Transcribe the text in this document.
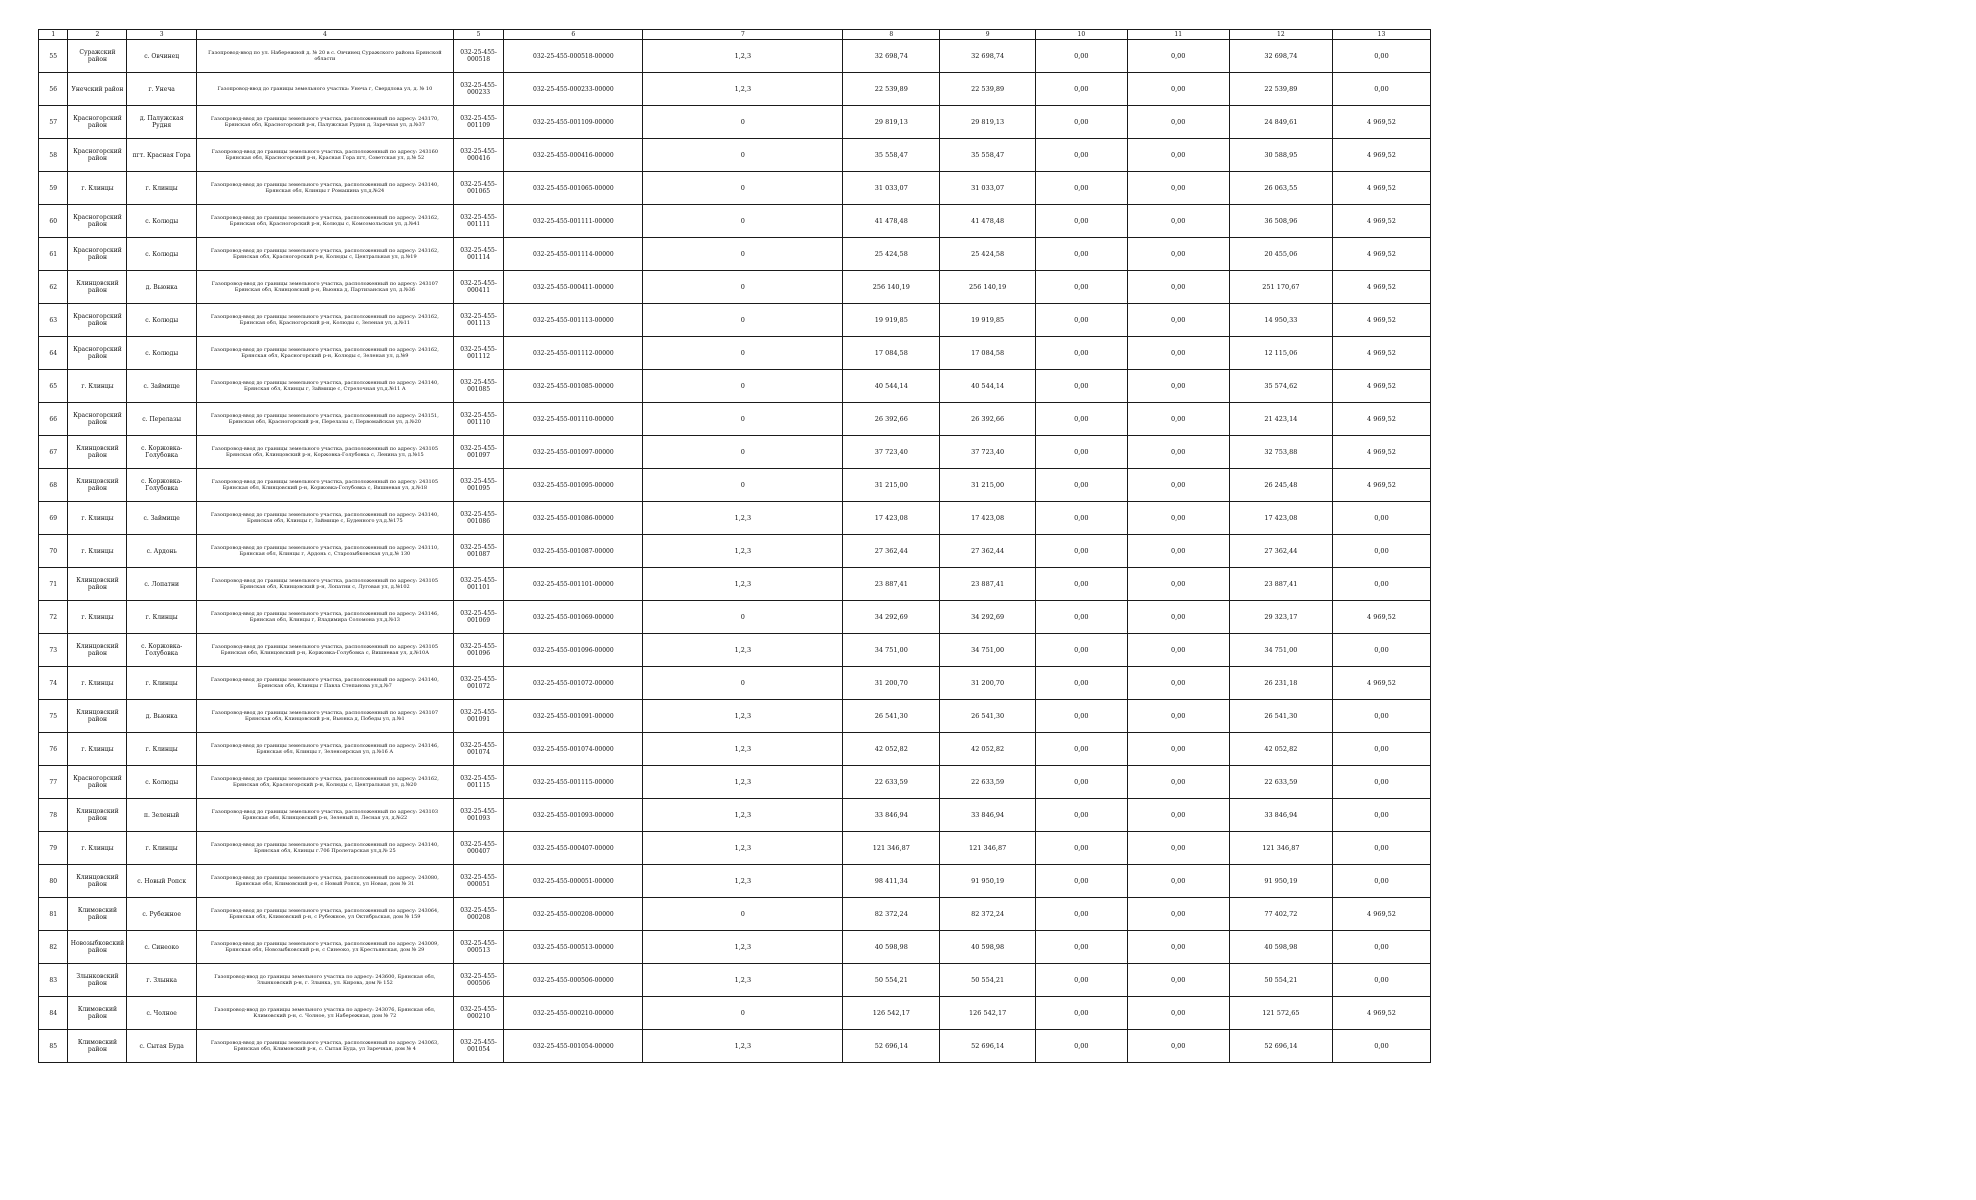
1	2	3	4	5	6	7	8	9	10	11	12	13
55	Суражский район	с. Овчинец	Газопровод-ввод по ул. Набережной д. № 20 в с. Овчинец Суражского района Брянской области	032-25-455-000518	032-25-455-000518-00000	1,2,3	32 698,74	32 698,74	0,00	0,00	32 698,74	0,00
56	Унечский район	г. Унеча	Газопровод-ввод до границы земельного участка: Унеча г, Свердлова ул, д. № 10	032-25-455-000233	032-25-455-000233-00000	1,2,3	22 539,89	22 539,89	0,00	0,00	22 539,89	0,00
57	Красногорский район	д. Палужская Рудня	Газопровод-ввод до границы земельного участка, расположенный по адресу: 243170, Брянская обл, Красногорский р-н, Палужская Рудня д, Заречная ул, д.№37	032-25-455-001109	032-25-455-001109-00000	0	29 819,13	29 819,13	0,00	0,00	24 849,61	4 969,52
58	Красногорский район	пгт. Красная Гора	Газопровод-ввод до границы земельного участка, расположенный по адресу: 243160 Брянская обл, Красногорский р-н, Красная Гора пгт, Советская ул, д.№ 52	032-25-455-000416	032-25-455-000416-00000	0	35 558,47	35 558,47	0,00	0,00	30 588,95	4 969,52
59	г. Клинцы	г. Клинцы	Газопровод-ввод до границы земельного участка, расположенный по адресу: 243140, Брянская обл, Клинцы г Ромашина ул,д.№24	032-25-455-001065	032-25-455-001065-00000	0	31 033,07	31 033,07	0,00	0,00	26 063,55	4 969,52
60	Красногорский район	с. Колюды	Газопровод-ввод до границы земельного участка, расположенный по адресу: 243162, Брянская обл, Красногорский р-н, Колюды с, Комсомольская ул, д.№41	032-25-455-001111	032-25-455-001111-00000	0	41 478,48	41 478,48	0,00	0,00	36 508,96	4 969,52
61	Красногорский район	с. Колюды	Газопровод-ввод до границы земельного участка, расположенный по адресу: 243162, Брянская обл, Красногорский р-н, Колюды с, Центральная ул, д.№19	032-25-455-001114	032-25-455-001114-00000	0	25 424,58	25 424,58	0,00	0,00	20 455,06	4 969,52
62	Клинцовский район	д. Вьюнка	Газопровод-ввод до границы земельного участка, расположенный по адресу: 243107 Брянская обл, Клинцовский р-н, Вьюнка д, Партизанская ул, д.№36	032-25-455-000411	032-25-455-000411-00000	0	256 140,19	256 140,19	0,00	0,00	251 170,67	4 969,52
63	Красногорский район	с. Колюды	Газопровод-ввод до границы земельного участка, расположенный по адресу: 243162, Брянская обл, Красногорский р-н, Колюды с, Зеленая ул, д.№11	032-25-455-001113	032-25-455-001113-00000	0	19 919,85	19 919,85	0,00	0,00	14 950,33	4 969,52
64	Красногорский район	с. Колюды	Газопровод-ввод до границы земельного участка, расположенный по адресу: 243162, Брянская обл, Красногорский р-н, Колюды с, Зеленая ул, д.№9	032-25-455-001112	032-25-455-001112-00000	0	17 084,58	17 084,58	0,00	0,00	12 115,06	4 969,52
65	г. Клинцы	с. Займище	Газопровод-ввод до границы земельного участка, расположенный по адресу: 243140, Брянская обл, Клинцы г, Займище с, Стрелочная ул,д.№11 А	032-25-455-001085	032-25-455-001085-00000	0	40 544,14	40 544,14	0,00	0,00	35 574,62	4 969,52
66	Красногорский район	с. Перелазы	Газопровод-ввод до границы земельного участка, расположенный по адресу: 243151, Брянская обл, Красногорский р-н, Перелазы с, Первомайская ул, д.№20	032-25-455-001110	032-25-455-001110-00000	0	26 392,66	26 392,66	0,00	0,00	21 423,14	4 969,52
67	Клинцовский район	с. Коржовка-Голубовка	Газопровод-ввод до границы земельного участка, расположенный по адресу: 243105 Брянская обл, Клинцовский р-н, Коржовка-Голубовка с, Ленина ул, д.№15	032-25-455-001097	032-25-455-001097-00000	0	37 723,40	37 723,40	0,00	0,00	32 753,88	4 969,52
68	Клинцовский район	с. Коржовка-Голубовка	Газопровод-ввод до границы земельного участка, расположенный по адресу: 243105 Брянская обл, Клинцовский р-н, Коржовка-Голубовка с, Вишневая ул, д.№18	032-25-455-001095	032-25-455-001095-00000	0	31 215,00	31 215,00	0,00	0,00	26 245,48	4 969,52
69	г. Клинцы	с. Займище	Газопровод-ввод до границы земельного участка, расположенный по адресу: 243140, Брянская обл, Клинцы г, Займище с, Буденного ул,д.№175	032-25-455-001086	032-25-455-001086-00000	1,2,3	17 423,08	17 423,08	0,00	0,00	17 423,08	0,00
70	г. Клинцы	с. Ардонь	Газопровод-ввод до границы земельного участка, расположенный по адресу: 243110, Брянская обл, Клинцы г, Ардонь с, Старозыбковская ул,д.№ 130	032-25-455-001087	032-25-455-001087-00000	1,2,3	27 362,44	27 362,44	0,00	0,00	27 362,44	0,00
71	Клинцовский район	с. Лопатни	Газопровод-ввод до границы земельного участка, расположенный по адресу: 243105 Брянская обл, Клинцовский р-н, Лопатни с, Луговая ул, д.№102	032-25-455-001101	032-25-455-001101-00000	1,2,3	23 887,41	23 887,41	0,00	0,00	23 887,41	0,00
72	г. Клинцы	г. Клинцы	Газопровод-ввод до границы земельного участка, расположенный по адресу: 243146, Брянская обл, Клинцы г, Владимира Соломона ул,д.№13	032-25-455-001069	032-25-455-001069-00000	0	34 292,69	34 292,69	0,00	0,00	29 323,17	4 969,52
73	Клинцовский район	с. Коржовка-Голубовка	Газопровод-ввод до границы земельного участка, расположенный по адресу: 243105 Брянская обл, Клинцовский р-н, Коржовка-Голубовка с, Вишневая ул, д.№10А	032-25-455-001096	032-25-455-001096-00000	1,2,3	34 751,00	34 751,00	0,00	0,00	34 751,00	0,00
74	г. Клинцы	г. Клинцы	Газопровод-ввод до границы земельного участка, расположенный по адресу: 243140, Брянская обл, Клинцы г Павла Степанова ул,д.№7	032-25-455-001072	032-25-455-001072-00000	0	31 200,70	31 200,70	0,00	0,00	26 231,18	4 969,52
75	Клинцовский район	д. Вьюнка	Газопровод-ввод до границы земельного участка, расположенный по адресу: 243107 Брянская обл, Клинцовский р-н, Вьюнка д, Победы ул, д.№1	032-25-455-001091	032-25-455-001091-00000	1,2,3	26 541,30	26 541,30	0,00	0,00	26 541,30	0,00
76	г. Клинцы	г. Клинцы	Газопровод-ввод до границы земельного участка, расположенный по адресу: 243146, Брянская обл, Клинцы г, Зеленоярская ул, д.№16 А	032-25-455-001074	032-25-455-001074-00000	1,2,3	42 052,82	42 052,82	0,00	0,00	42 052,82	0,00
77	Красногорский район	с. Колюды	Газопровод-ввод до границы земельного участка, расположенный по адресу: 243162, Брянская обл, Красногорский р-н, Колюды с, Центральная ул, д.№20	032-25-455-001115	032-25-455-001115-00000	1,2,3	22 633,59	22 633,59	0,00	0,00	22 633,59	0,00
78	Клинцовский район	п. Зеленый	Газопровод-ввод до границы земельного участка, расположенный по адресу: 243103 Брянская обл, Клинцовский р-н, Зеленый п, Лесная ул, д.№22	032-25-455-001093	032-25-455-001093-00000	1,2,3	33 846,94	33 846,94	0,00	0,00	33 846,94	0,00
79	г. Клинцы	г. Клинцы	Газопровод-ввод до границы земельного участка, расположенный по адресу: 243140, Брянская обл, Клинцы г.706 Пролетарская ул,д.№ 25	032-25-455-000407	032-25-455-000407-00000	1,2,3	121 346,87	121 346,87	0,00	0,00	121 346,87	0,00
80	Клинцовский район	с. Новый Ропск	Газопровод-ввод до границы земельного участка, расположенный по адресу: 243080, Брянская обл, Климовский р-н, с Новый Ропск, ул Новая, дом № 31	032-25-455-000051	032-25-455-000051-00000	1,2,3	98 411,34	91 950,19	0,00	0,00	91 950,19	0,00
81	Климовский район	с. Рубежное	Газопровод-ввод до границы земельного участка, расположенный по адресу: 243064, Брянская обл, Климовский р-н, с Рубежное, ул Октябрьская, дом № 159	032-25-455-000208	032-25-455-000208-00000	0	82 372,24	82 372,24	0,00	0,00	77 402,72	4 969,52
82	Новозыбковский район	с. Синеоко	Газопровод-ввод до границы земельного участка, расположенный по адресу: 243009, Брянская обл, Новозыбковский р-н, с Синеоко, ул Крестьянская, дом № 29	032-25-455-000513	032-25-455-000513-00000	1,2,3	40 598,98	40 598,98	0,00	0,00	40 598,98	0,00
83	Злынковский район	г. Злынка	Газопровод-ввод до границы земельного участка по адресу: 243600, Брянская обл, Злынковский р-н, г. Злынка, ул. Кирова, дом № 152	032-25-455-000506	032-25-455-000506-00000	1,2,3	50 554,21	50 554,21	0,00	0,00	50 554,21	0,00
84	Климовский район	с. Чолное	Газопровод-ввод до границы земельного участка по адресу: 243076, Брянская обл, Климовский р-н, с. Чолное, ул Набережная, дом № 72	032-25-455-000210	032-25-455-000210-00000	0	126 542,17	126 542,17	0,00	0,00	121 572,65	4 969,52
85	Климовский район	с. Сытая Буда	Газопровод-ввод до границы земельного участка, расположенный по адресу: 243063, Брянская обл, Климовский р-н, с. Сытая Буда, ул Заречная, дом № 4	032-25-455-001054	032-25-455-001054-00000	1,2,3	52 696,14	52 696,14	0,00	0,00	52 696,14	0,00
